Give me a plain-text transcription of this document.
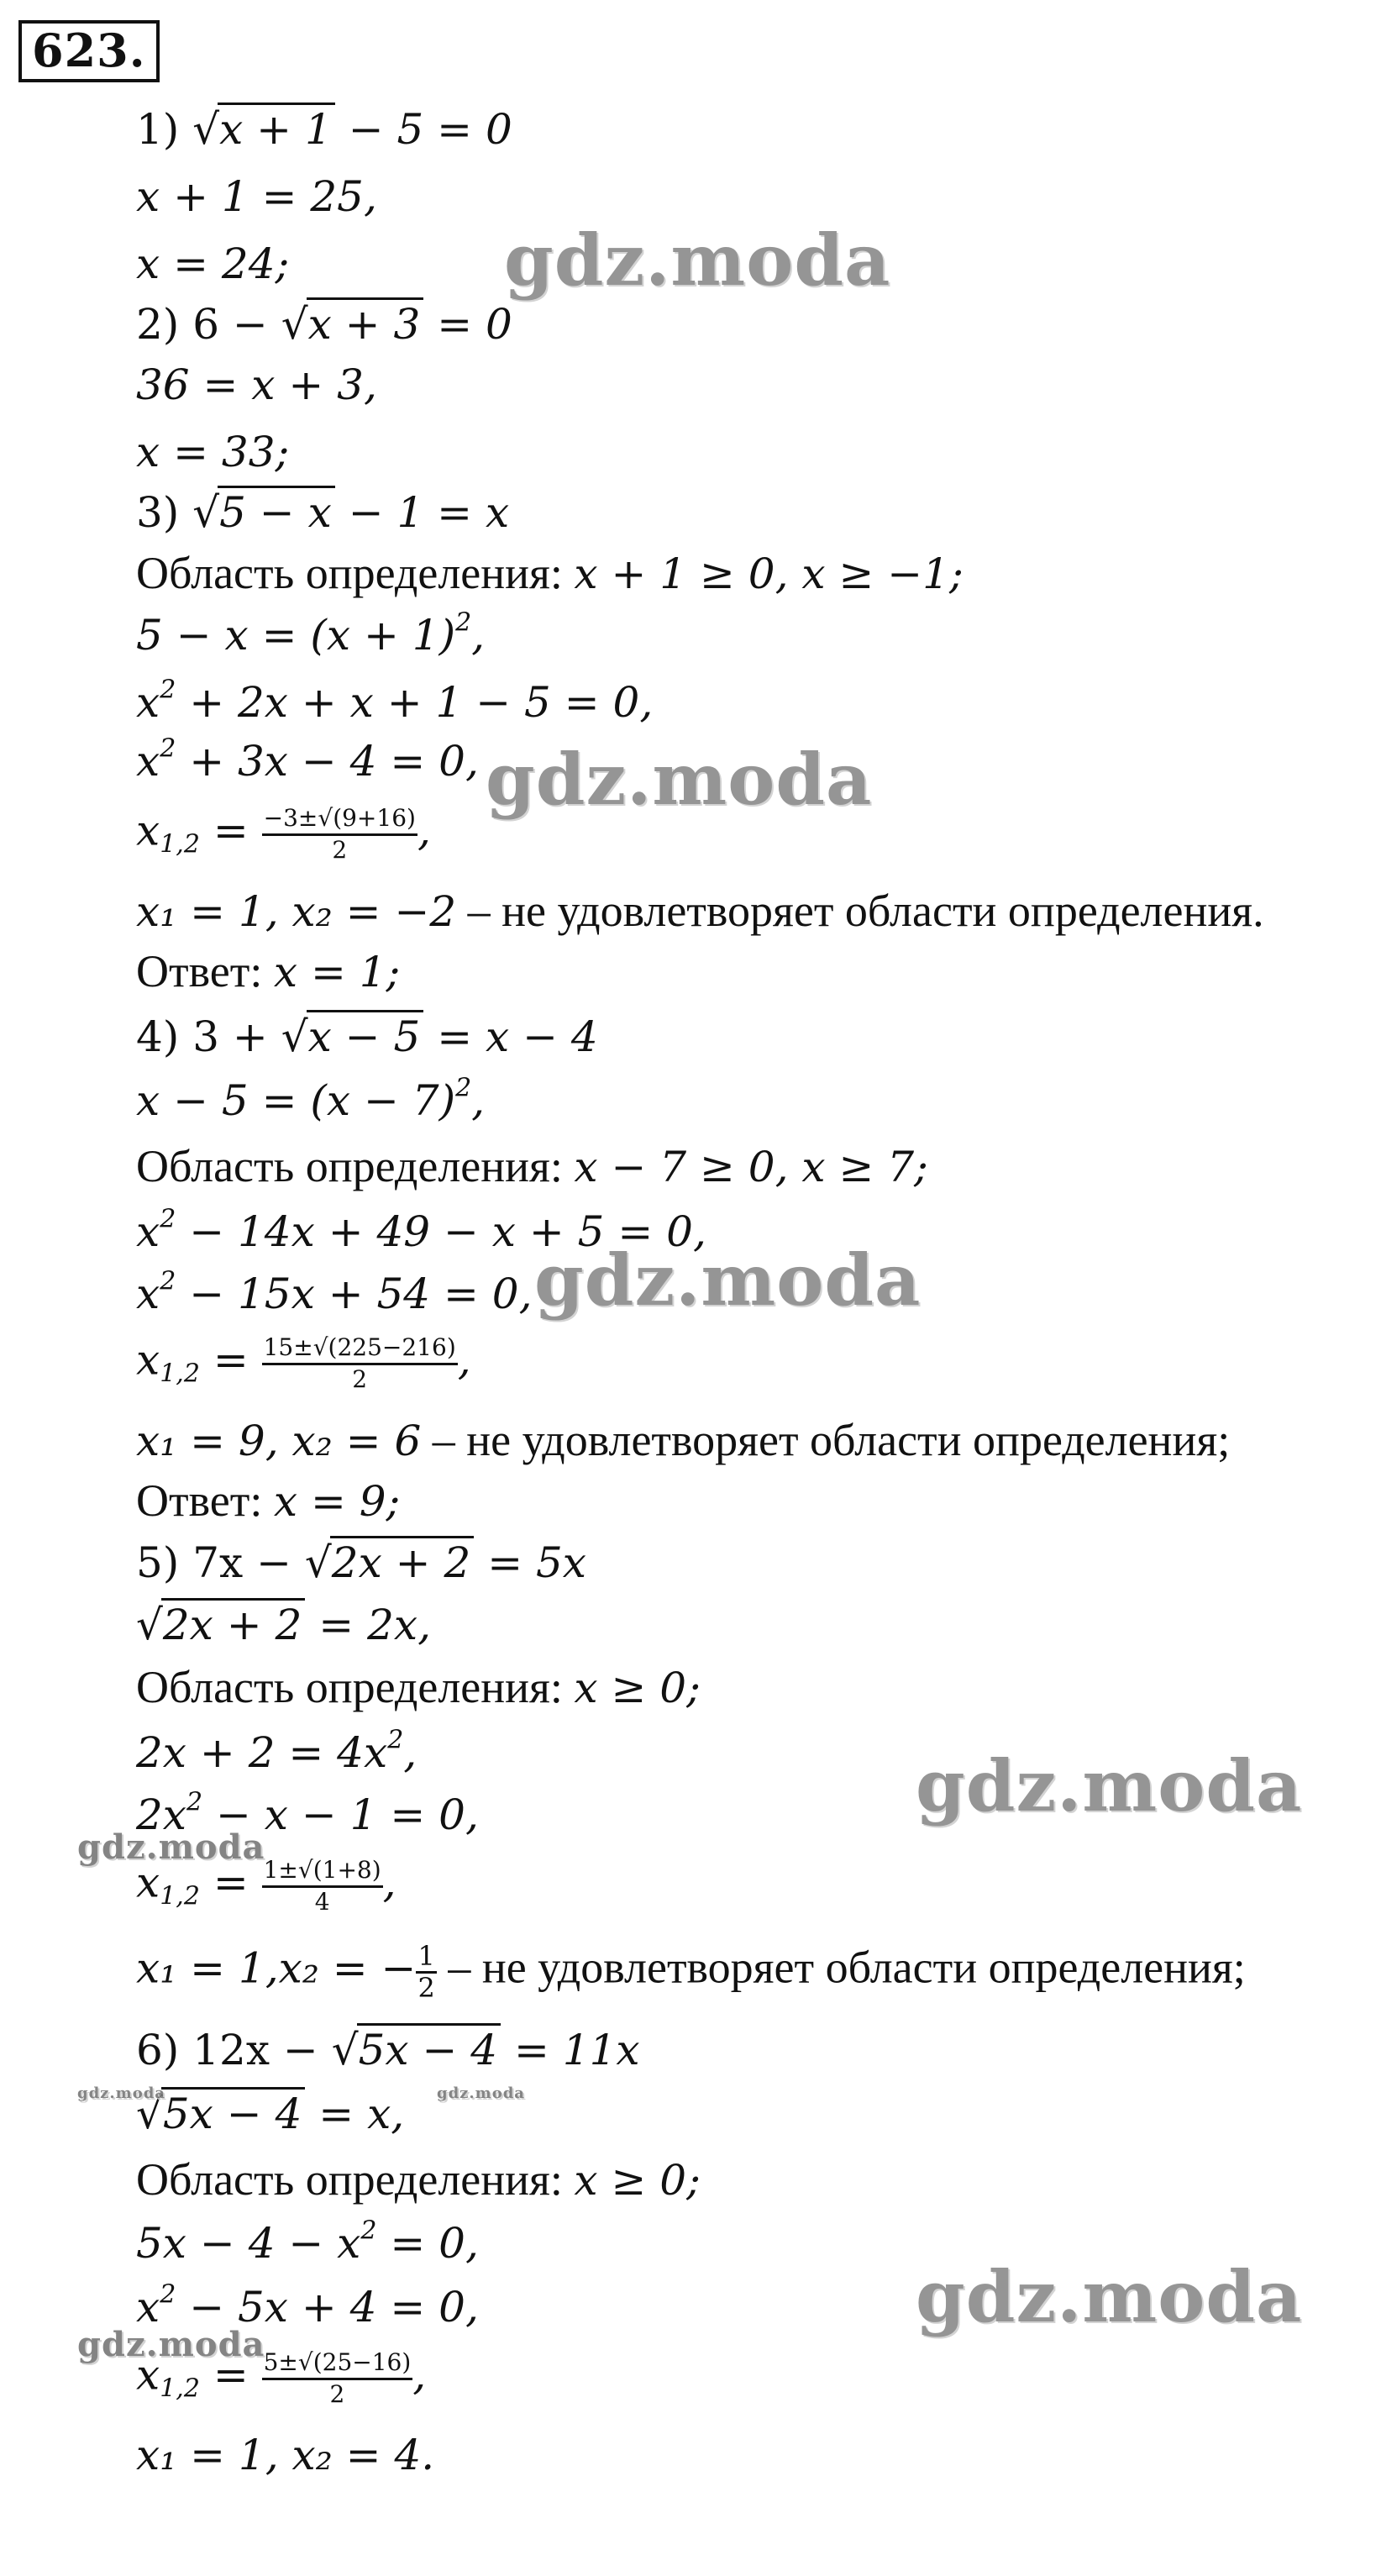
623.
1) √x + 1 − 5 = 0
x + 1 = 25,
x = 24;
2) 6 − √x + 3 = 0
36 = x + 3,
x = 33;
3) √5 − x − 1 = x
Область определения: x + 1 ≥ 0, x ≥ −1;
$5 - x = (x + 1)^2$,
$x^2 + 2x + x + 1 - 5 = 0$,
$x^2 + 3x - 4 = 0$,
$x_{1,2} = \frac{-3\pm√(9+16)}{2}$ ,
x₁ = 1, x₂ = −2 – не удовлетворяет области определения.
Ответ: x = 1;
4) 3 + √x − 5 = x − 4
$x - 5 = (x - 7)^2$,
Область определения: x − 7 ≥ 0, x ≥ 7;
$x^2 - 14x + 49 - x + 5 = 0$,
$x^2 - 15x + 54 = 0$,
$x_{1,2} = \frac{15\pm√(225-216)}{2}$ ,
x₁ = 9, x₂ = 6 – не удовлетворяет области определения;
Ответ: x = 9;
5) 7x − √2x + 2 = 5x
√2x + 2 = 2x,
Область определения: x ≥ 0;
$2x + 2 = 4x^2$,
$2x^2 - x - 1 = 0$,
$x_{1,2} = \frac{1\pm√(1+8)}{4}$ ,
x₁ = 1,x₂ = − $\frac{1}{2}$ – не удовлетворяет области определения;
6) 12x − √5x − 4 = 11x
√5x − 4 = x,
Область определения: x ≥ 0;
$5x - 4 - x^2 = 0$,
$x^2 - 5x + 4 = 0$,
$x_{1,2} = \frac{5\pm√(25-16)}{2}$ ,
x₁ = 1, x₂ = 4.
gdz.moda
gdz.moda
gdz.moda
gdz.moda
gdz.moda
gdz.moda
gdz.moda
gdz.moda	gdz.moda
